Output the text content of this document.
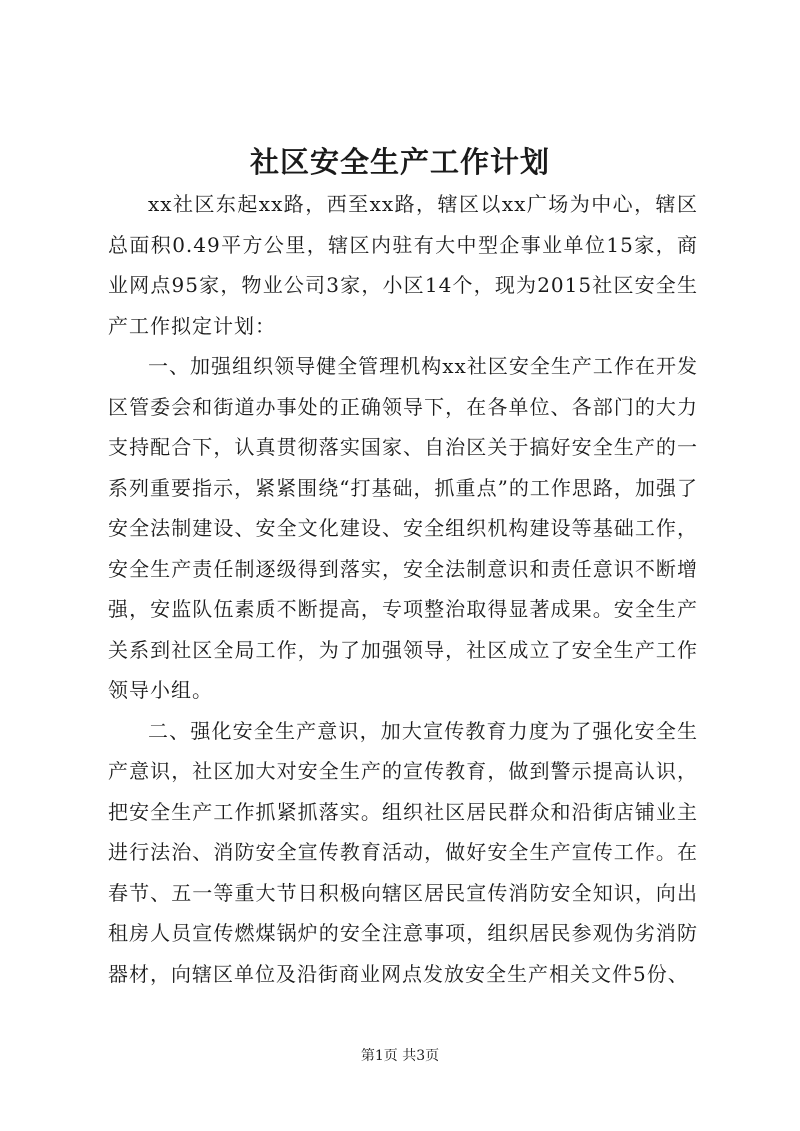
社区安全生产工作计划

xx社区东起xx路，西至xx路，辖区以xx广场为中心，辖区总面积0.49平方公里，辖区内驻有大中型企事业单位15家，商业网点95家，物业公司3家，小区14个，现为2015社区安全生产工作拟定计划：

一、加强组织领导健全管理机构xx社区安全生产工作在开发区管委会和街道办事处的正确领导下，在各单位、各部门的大力支持配合下，认真贯彻落实国家、自治区关于搞好安全生产的一系列重要指示，紧紧围绕“打基础，抓重点”的工作思路，加强了安全法制建设、安全文化建设、安全组织机构建设等基础工作，安全生产责任制逐级得到落实，安全法制意识和责任意识不断增强，安监队伍素质不断提高，专项整治取得显著成果。安全生产关系到社区全局工作，为了加强领导，社区成立了安全生产工作领导小组。

二、强化安全生产意识，加大宣传教育力度为了强化安全生产意识，社区加大对安全生产的宣传教育，做到警示提高认识，把安全生产工作抓紧抓落实。组织社区居民群众和沿街店铺业主进行法治、消防安全宣传教育活动，做好安全生产宣传工作。在春节、五一等重大节日积极向辖区居民宣传消防安全知识，向出租房人员宣传燃煤锅炉的安全注意事项，组织居民参观伪劣消防器材，向辖区单位及沿街商业网点发放安全生产相关文件5份、

第1页 共3页
